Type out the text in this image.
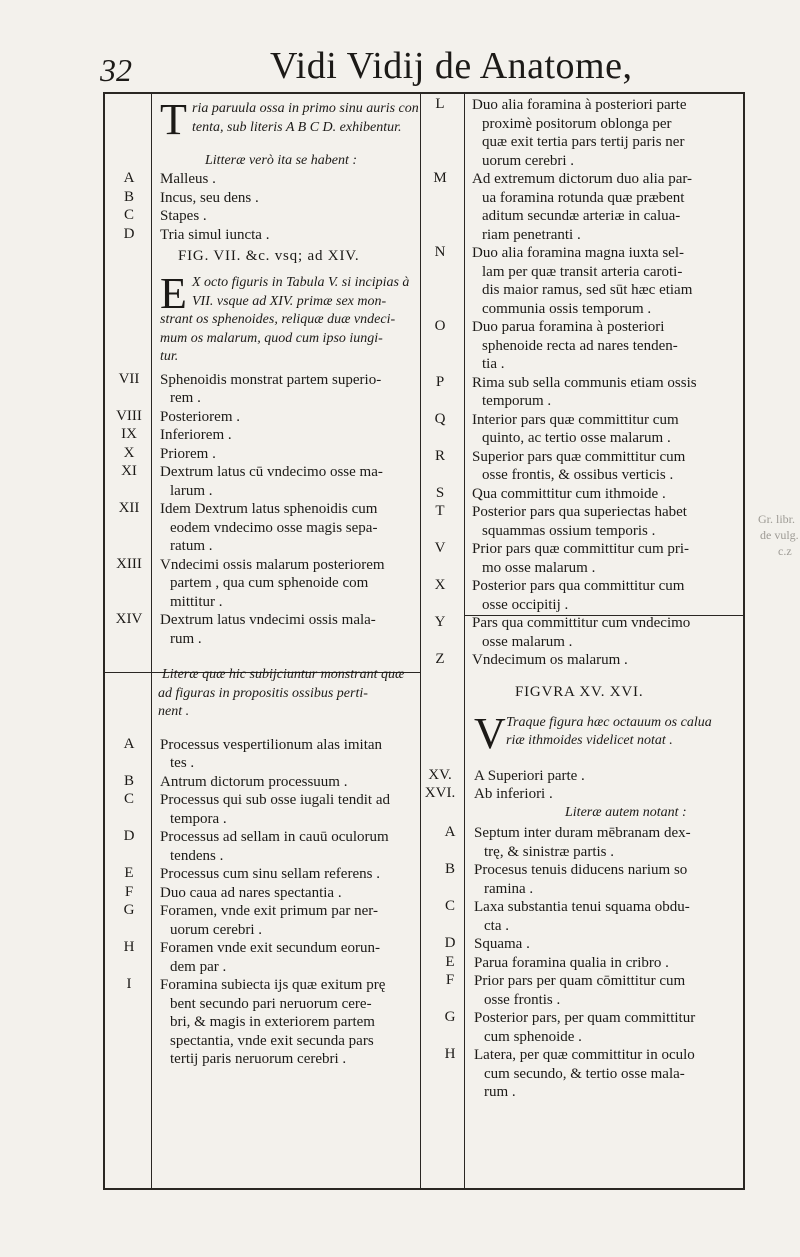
32	Vidi Vidij de Anatome,
Gr. libr.
de vulg.
c.z
T ria paruula ossa in primo sinu auris con
tenta, sub literis A B C D. exhibentur.
Litteræ verò ita se habent :
A	Malleus .
B	Incus, seu dens .
C	Stapes .
D	Tria simul iuncta .
FIG. VII. &c. vsq; ad XIV.
E X octo figuris in Tabula V. si incipias à
VII. vsque ad XIV. primæ sex mon-
strant os sphenoides, reliquæ duæ vndeci-
mum os malarum, quod cum ipso iungi-
tur.
VII	Sphenoidis monstrat partem superio-
rem .
VIII	Posteriorem .
IX	Inferiorem .
X	Priorem .
XI	Dextrum latus cū vndecimo osse ma-
larum .
XII	Idem Dextrum latus sphenoidis cum
eodem vndecimo osse magis sepa-
ratum .
XIII	Vndecimi ossis malarum posteriorem
partem , qua cum sphenoide com
mittitur .
XIV	Dextrum latus vndecimi ossis mala-
rum .
Literæ quæ hic subijciuntur monstrant quæ
ad figuras in propositis ossibus perti-
nent .
A	Processus vespertilionum alas imitan
tes .
B	Antrum dictorum processuum .
C	Processus qui sub osse iugali tendit ad
tempora .
D	Processus ad sellam in cauū oculorum
tendens .
E	Processus cum sinu sellam referens .
F	Duo caua ad nares spectantia .
G	Foramen, vnde exit primum par ner-
uorum cerebri .
H	Foramen vnde exit secundum eorun-
dem par .
I	Foramina subiecta ijs quæ exitum prę
bent secundo pari neruorum cere-
bri, & magis in exteriorem partem
spectantia, vnde exit secunda pars
tertij paris neruorum cerebri .
L	Duo alia foramina à posteriori parte
proximè positorum oblonga per
quæ exit tertia pars tertij paris ner
uorum cerebri .
M	Ad extremum dictorum duo alia par-
ua foramina rotunda quæ præbent
aditum secundæ arteriæ in caluа-
riam penetranti .
N	Duo alia foramina magna iuxta sel-
lam per quæ transit arteria caroti-
dis maior ramus, sed sūt hæc etiam
communia ossis temporum .
O	Duo parua foramina à posteriori
sphenoide recta ad nares tenden-
tia .
P	Rima sub sella communis etiam ossis
temporum .
Q	Interior pars quæ committitur cum
quinto, ac tertio osse malarum .
R	Superior pars quæ committitur cum
osse frontis, & ossibus verticis .
S	Qua committitur cum ithmoide .
T	Posterior pars qua superiectas habet
squammas ossium temporis .
V	Prior pars quæ committitur cum pri-
mo osse malarum .
X	Posterior pars qua committitur cum
osse occipitij .
Y	Pars qua committitur cum vndecimo
osse malarum .
Z	Vndecimum os malarum .
FIGVRA XV. XVI.
V Traque figura hæc octauum os calua
riæ ithmoides videlicet notat .
XV.	A Superiori parte .
XVI.	Ab inferiori .
Literæ autem notant :
A	Septum inter duram mēbranam dex-
trę, & sinistræ partis .
B	Procesus tenuis diducens narium so
ramina .
C	Laxa substantia tenui squama obdu-
cta .
D	Squama .
E	Parua foramina qualia in cribro .
F	Prior pars per quam cōmittitur cum
osse frontis .
G	Posterior pars, per quam committitur
cum sphenoide .
H	Latera, per quæ committitur in oculo
cum secundo, & tertio osse mala-
rum .
